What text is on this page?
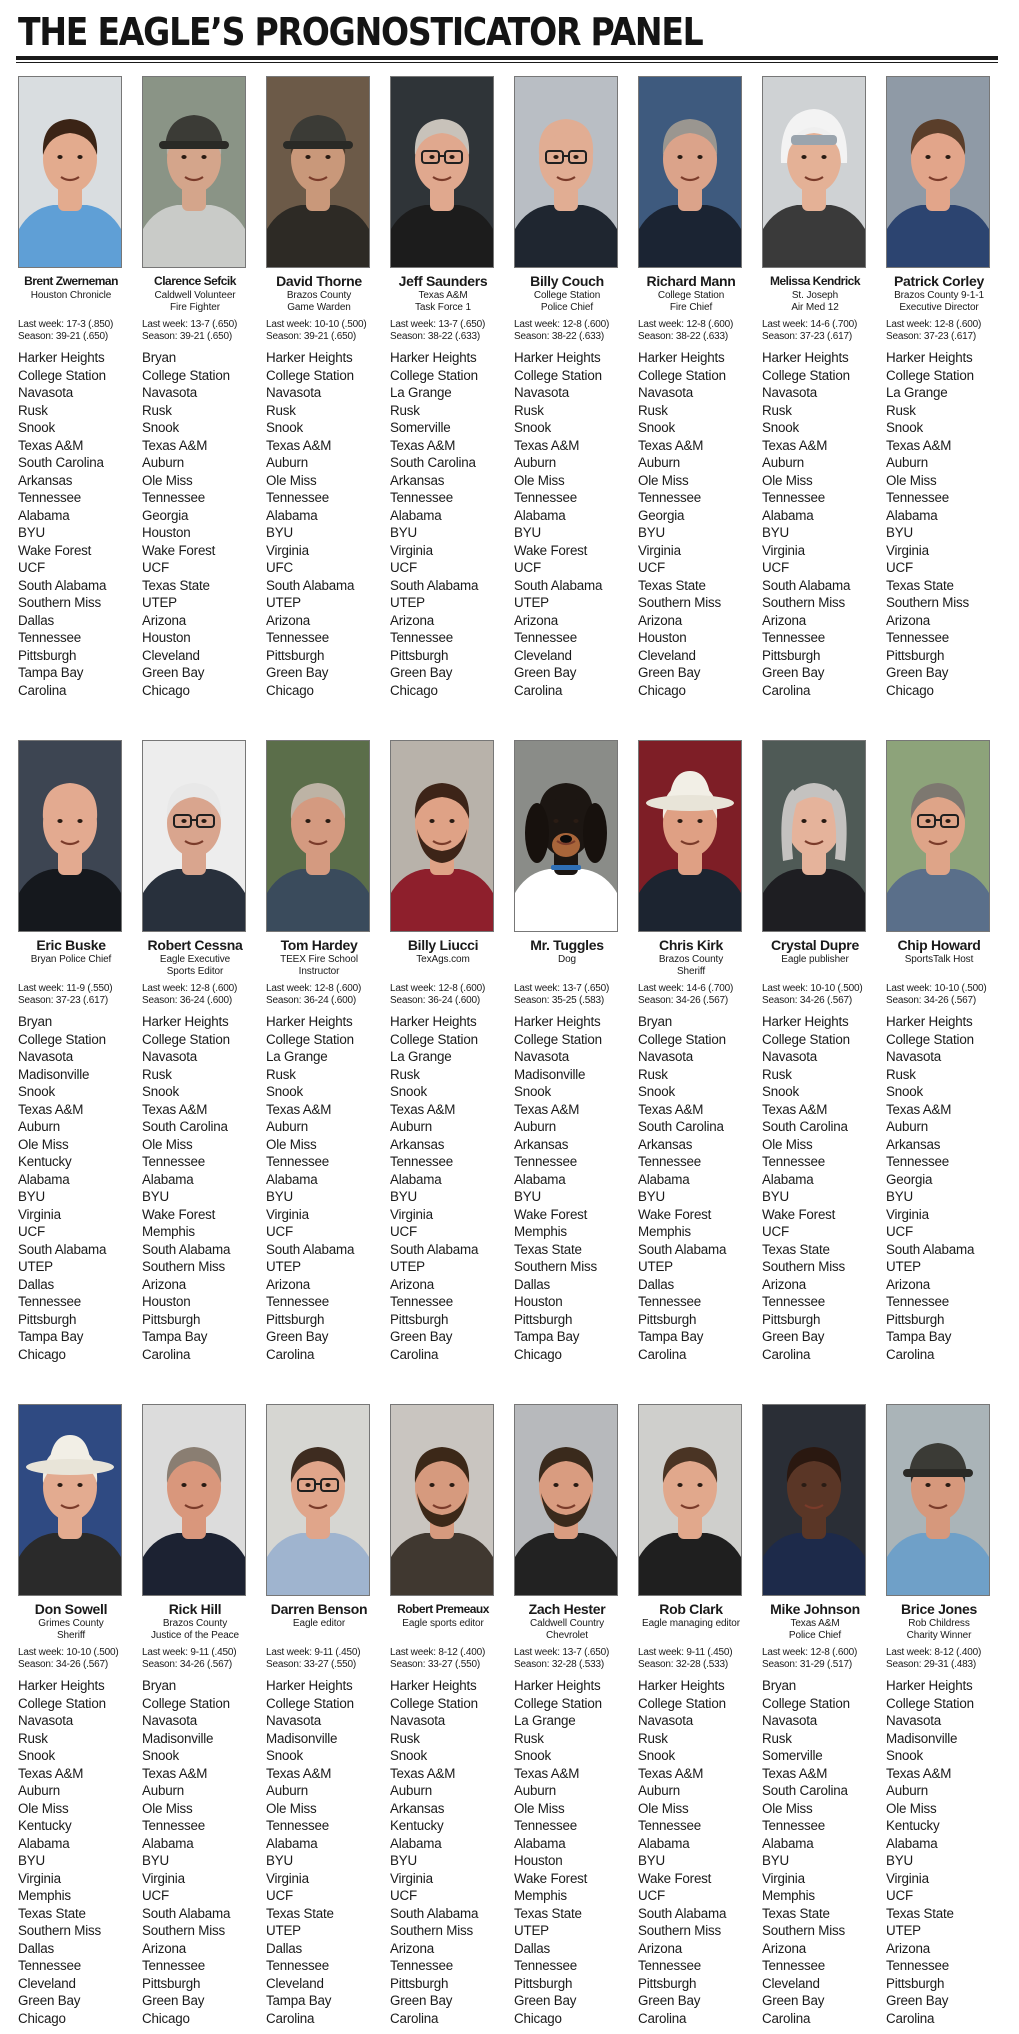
THE EAGLE’S PROGNOSTICATOR PANEL

Brent Zwerneman

Houston Chronicle
Last week: 17-3 (.850)
Season: 39-21 (.650)
Harker Heights
College Station
Navasota
Rusk
Snook
Texas A&M
South Carolina
Arkansas
Tennessee
Alabama
BYU
Wake Forest
UCF
South Alabama
Southern Miss
Dallas
Tennessee
Pittsburgh
Tampa Bay
Carolina

Clarence Sefcik

Caldwell Volunteer
Fire Fighter
Last week: 13-7 (.650)
Season: 39-21 (.650)
Bryan
College Station
Navasota
Rusk
Snook
Texas A&M
Auburn
Ole Miss
Tennessee
Georgia
Houston
Wake Forest
UCF
Texas State
UTEP
Arizona
Houston
Cleveland
Green Bay
Chicago

David Thorne

Brazos County
Game Warden
Last week: 10-10 (.500)
Season: 39-21 (.650)
Harker Heights
College Station
Navasota
Rusk
Snook
Texas A&M
Auburn
Ole Miss
Tennessee
Alabama
BYU
Virginia
UFC
South Alabama
UTEP
Arizona
Tennessee
Pittsburgh
Green Bay
Chicago

Jeff Saunders

Texas A&M
Task Force 1
Last week: 13-7 (.650)
Season: 38-22 (.633)
Harker Heights
College Station
La Grange
Rusk
Somerville
Texas A&M
South Carolina
Arkansas
Tennessee
Alabama
BYU
Virginia
UCF
South Alabama
UTEP
Arizona
Tennessee
Pittsburgh
Green Bay
Chicago

Billy Couch

College Station
Police Chief
Last week: 12-8 (.600)
Season: 38-22 (.633)
Harker Heights
College Station
Navasota
Rusk
Snook
Texas A&M
Auburn
Ole Miss
Tennessee
Alabama
BYU
Wake Forest
UCF
South Alabama
UTEP
Arizona
Tennessee
Cleveland
Green Bay
Carolina

Richard Mann

College Station
Fire Chief
Last week: 12-8 (.600)
Season: 38-22 (.633)
Harker Heights
College Station
Navasota
Rusk
Snook
Texas A&M
Auburn
Ole Miss
Tennessee
Georgia
BYU
Virginia
UCF
Texas State
Southern Miss
Arizona
Houston
Cleveland
Green Bay
Chicago

Melissa Kendrick

St. Joseph
Air Med 12
Last week: 14-6 (.700)
Season: 37-23 (.617)
Harker Heights
College Station
Navasota
Rusk
Snook
Texas A&M
Auburn
Ole Miss
Tennessee
Alabama
BYU
Virginia
UCF
South Alabama
Southern Miss
Arizona
Tennessee
Pittsburgh
Green Bay
Carolina

Patrick Corley

Brazos County 9-1-1
Executive Director
Last week: 12-8 (.600)
Season: 37-23 (.617)
Harker Heights
College Station
La Grange
Rusk
Snook
Texas A&M
Auburn
Ole Miss
Tennessee
Alabama
BYU
Virginia
UCF
Texas State
Southern Miss
Arizona
Tennessee
Pittsburgh
Green Bay
Chicago

Eric Buske

Bryan Police Chief
Last week: 11-9 (.550)
Season: 37-23 (.617)
Bryan
College Station
Navasota
Madisonville
Snook
Texas A&M
Auburn
Ole Miss
Kentucky
Alabama
BYU
Virginia
UCF
South Alabama
UTEP
Dallas
Tennessee
Pittsburgh
Tampa Bay
Chicago

Robert Cessna

Eagle Executive
Sports Editor
Last week: 12-8 (.600)
Season: 36-24 (.600)
Harker Heights
College Station
Navasota
Rusk
Snook
Texas A&M
South Carolina
Ole Miss
Tennessee
Alabama
BYU
Wake Forest
Memphis
South Alabama
Southern Miss
Arizona
Houston
Pittsburgh
Tampa Bay
Carolina

Tom Hardey

TEEX Fire School
Instructor
Last week: 12-8 (.600)
Season: 36-24 (.600)
Harker Heights
College Station
La Grange
Rusk
Snook
Texas A&M
Auburn
Ole Miss
Tennessee
Alabama
BYU
Virginia
UCF
South Alabama
UTEP
Arizona
Tennessee
Pittsburgh
Green Bay
Carolina

Billy Liucci

TexAgs.com
Last week: 12-8 (.600)
Season: 36-24 (.600)
Harker Heights
College Station
La Grange
Rusk
Snook
Texas A&M
Auburn
Arkansas
Tennessee
Alabama
BYU
Virginia
UCF
South Alabama
UTEP
Arizona
Tennessee
Pittsburgh
Green Bay
Carolina

Mr. Tuggles

Dog
Last week: 13-7 (.650)
Season: 35-25 (.583)
Harker Heights
College Station
Navasota
Madisonville
Snook
Texas A&M
Auburn
Arkansas
Tennessee
Alabama
BYU
Wake Forest
Memphis
Texas State
Southern Miss
Dallas
Houston
Pittsburgh
Tampa Bay
Chicago

Chris Kirk

Brazos County
Sheriff
Last week: 14-6 (.700)
Season: 34-26 (.567)
Bryan
College Station
Navasota
Rusk
Snook
Texas A&M
South Carolina
Arkansas
Tennessee
Alabama
BYU
Wake Forest
Memphis
South Alabama
UTEP
Dallas
Tennessee
Pittsburgh
Tampa Bay
Carolina

Crystal Dupre

Eagle publisher
Last week: 10-10 (.500)
Season: 34-26 (.567)
Harker Heights
College Station
Navasota
Rusk
Snook
Texas A&M
South Carolina
Ole Miss
Tennessee
Alabama
BYU
Wake Forest
UCF
Texas State
Southern Miss
Arizona
Tennessee
Pittsburgh
Green Bay
Carolina

Chip Howard

SportsTalk Host
Last week: 10-10 (.500)
Season: 34-26 (.567)
Harker Heights
College Station
Navasota
Rusk
Snook
Texas A&M
Auburn
Arkansas
Tennessee
Georgia
BYU
Virginia
UCF
South Alabama
UTEP
Arizona
Tennessee
Pittsburgh
Tampa Bay
Carolina

Don Sowell

Grimes County
Sheriff
Last week: 10-10 (.500)
Season: 34-26 (.567)
Harker Heights
College Station
Navasota
Rusk
Snook
Texas A&M
Auburn
Ole Miss
Kentucky
Alabama
BYU
Virginia
Memphis
Texas State
Southern Miss
Dallas
Tennessee
Cleveland
Green Bay
Chicago

Rick Hill

Brazos County
Justice of the Peace
Last week: 9-11 (.450)
Season: 34-26 (.567)
Bryan
College Station
Navasota
Madisonville
Snook
Texas A&M
Auburn
Ole Miss
Tennessee
Alabama
BYU
Virginia
UCF
South Alabama
Southern Miss
Arizona
Tennessee
Pittsburgh
Green Bay
Chicago

Darren Benson

Eagle editor
Last week: 9-11 (.450)
Season: 33-27 (.550)
Harker Heights
College Station
Navasota
Madisonville
Snook
Texas A&M
Auburn
Ole Miss
Tennessee
Alabama
BYU
Virginia
UCF
Texas State
UTEP
Dallas
Tennessee
Cleveland
Tampa Bay
Carolina

Robert Premeaux

Eagle sports editor
Last week: 8-12 (.400)
Season: 33-27 (.550)
Harker Heights
College Station
Navasota
Rusk
Snook
Texas A&M
Auburn
Arkansas
Kentucky
Alabama
BYU
Virginia
UCF
South Alabama
Southern Miss
Arizona
Tennessee
Pittsburgh
Green Bay
Carolina

Zach Hester

Caldwell Country
Chevrolet
Last week: 13-7 (.650)
Season: 32-28 (.533)
Harker Heights
College Station
La Grange
Rusk
Snook
Texas A&M
Auburn
Ole Miss
Tennessee
Alabama
Houston
Wake Forest
Memphis
Texas State
UTEP
Dallas
Tennessee
Pittsburgh
Green Bay
Chicago

Rob Clark

Eagle managing editor
Last week: 9-11 (.450)
Season: 32-28 (.533)
Harker Heights
College Station
Navasota
Rusk
Snook
Texas A&M
Auburn
Ole Miss
Tennessee
Alabama
BYU
Wake Forest
UCF
South Alabama
Southern Miss
Arizona
Tennessee
Pittsburgh
Green Bay
Carolina

Mike Johnson

Texas A&M
Police Chief
Last week: 12-8 (.600)
Season: 31-29 (.517)
Bryan
College Station
Navasota
Rusk
Somerville
Texas A&M
South Carolina
Ole Miss
Tennessee
Alabama
BYU
Virginia
Memphis
Texas State
Southern Miss
Arizona
Tennessee
Cleveland
Green Bay
Carolina

Brice Jones

Rob Childress
Charity Winner
Last week: 8-12 (.400)
Season: 29-31 (.483)
Harker Heights
College Station
Navasota
Madisonville
Snook
Texas A&M
Auburn
Ole Miss
Kentucky
Alabama
BYU
Virginia
UCF
Texas State
UTEP
Arizona
Tennessee
Pittsburgh
Green Bay
Carolina
